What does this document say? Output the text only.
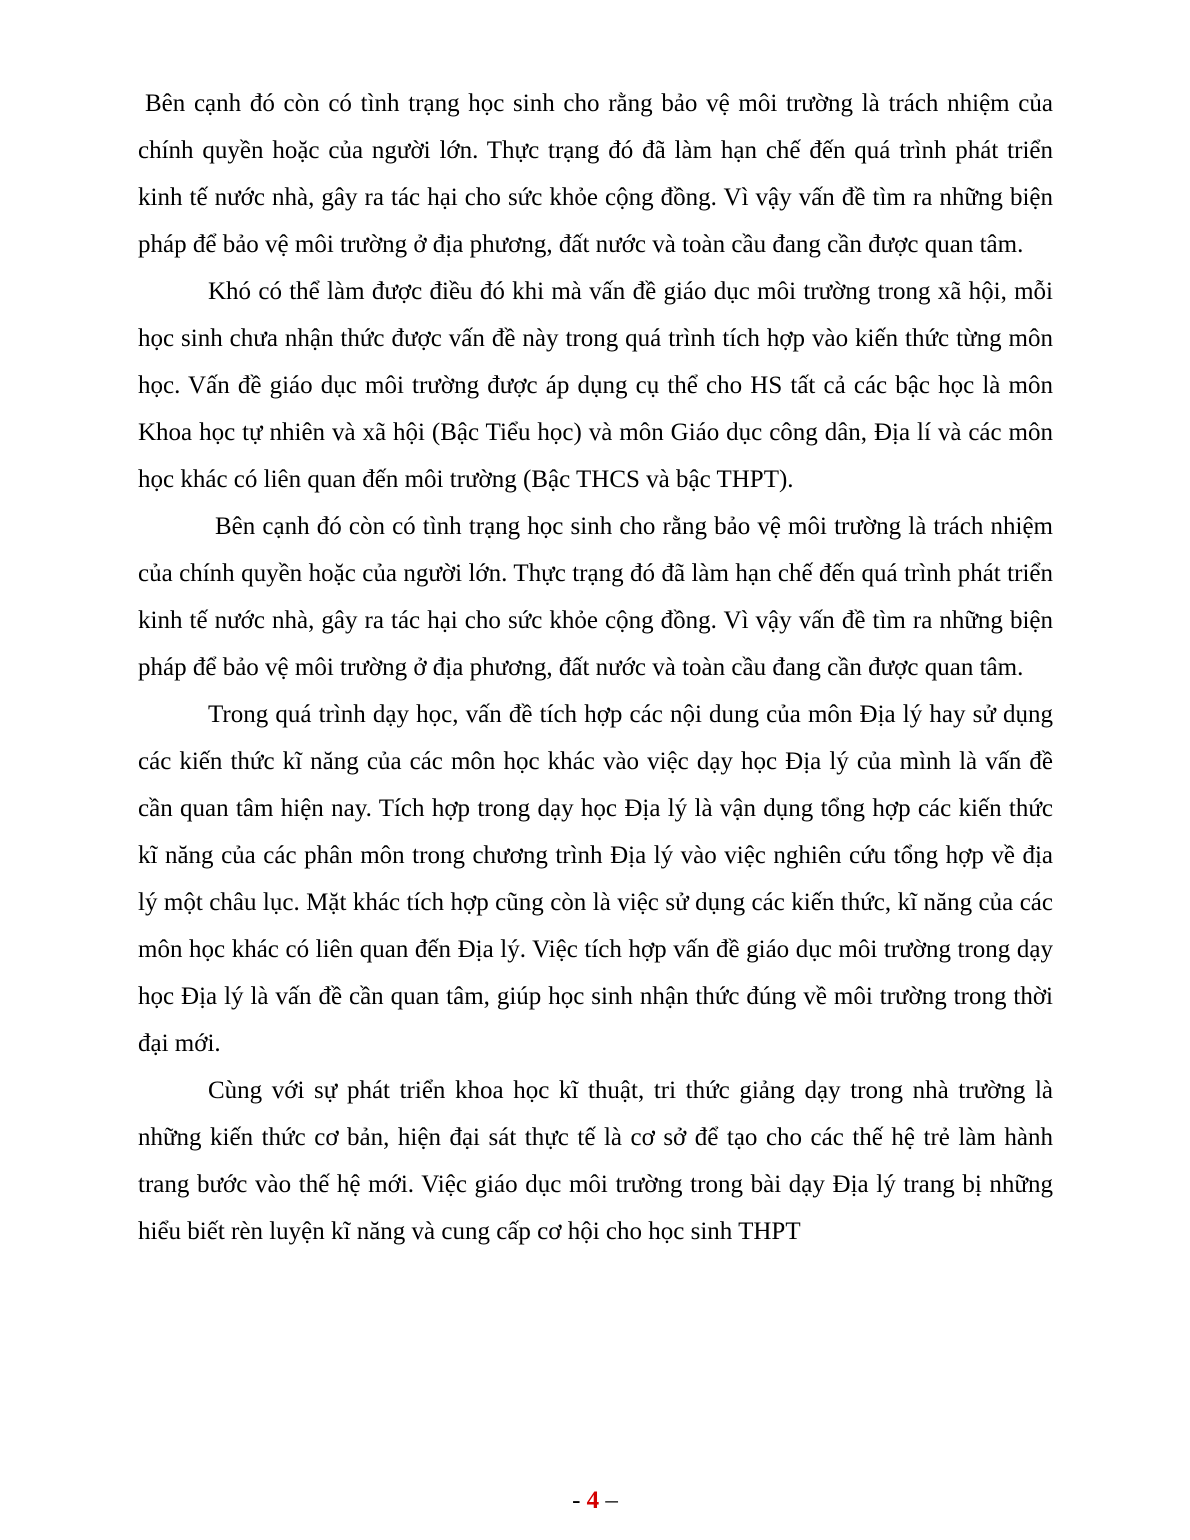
Bên cạnh đó còn có tình trạng học sinh cho rằng bảo vệ môi trường là trách nhiệm của chính quyền hoặc của người lớn. Thực trạng đó đã làm hạn chế đến quá trình phát triển kinh tế nước nhà, gây ra tác hại cho sức khỏe cộng đồng. Vì vậy vấn đề tìm ra những biện pháp để bảo vệ môi trường ở địa phương, đất nước và toàn cầu đang cần được quan tâm.

Khó có thể làm được điều đó khi mà vấn đề giáo dục môi trường trong xã hội, mỗi học sinh chưa nhận thức được vấn đề này trong quá trình tích hợp vào kiến thức từng môn học. Vấn đề giáo dục môi trường được áp dụng cụ thể cho HS tất cả các bậc học là môn Khoa học tự nhiên và xã hội (Bậc Tiểu học) và môn Giáo dục công dân, Địa lí và các môn học khác có liên quan đến môi trường (Bậc THCS và bậc THPT).

Bên cạnh đó còn có tình trạng học sinh cho rằng bảo vệ môi trường là trách nhiệm của chính quyền hoặc của người lớn. Thực trạng đó đã làm hạn chế đến quá trình phát triển kinh tế nước nhà, gây ra tác hại cho sức khỏe cộng đồng. Vì vậy vấn đề tìm ra những biện pháp để bảo vệ môi trường ở địa phương, đất nước và toàn cầu đang cần được quan tâm.

Trong quá trình dạy học, vấn đề tích hợp các nội dung của môn Địa lý hay sử dụng các kiến thức kĩ năng của các môn học khác vào việc dạy học Địa lý của mình là vấn đề cần quan tâm hiện nay. Tích hợp trong dạy học Địa lý là vận dụng tổng hợp các kiến thức kĩ năng của các phân môn trong chương trình Địa lý vào việc nghiên cứu tổng hợp về địa lý một châu lục. Mặt khác tích hợp cũng còn là việc sử dụng các kiến thức, kĩ năng của các môn học khác có liên quan đến Địa lý. Việc tích hợp vấn đề giáo dục môi trường trong dạy học Địa lý là vấn đề cần quan tâm, giúp học sinh nhận thức đúng về môi trường trong thời đại mới.

Cùng với sự phát triển khoa học kĩ thuật, tri thức giảng dạy trong nhà trường là những kiến thức cơ bản, hiện đại sát thực tế là cơ sở để tạo cho các thế hệ trẻ làm hành trang bước vào thế hệ mới. Việc giáo dục môi trường trong bài dạy Địa lý trang bị những hiểu biết rèn luyện kĩ năng và cung cấp cơ hội cho học sinh THPT

- 4 –
